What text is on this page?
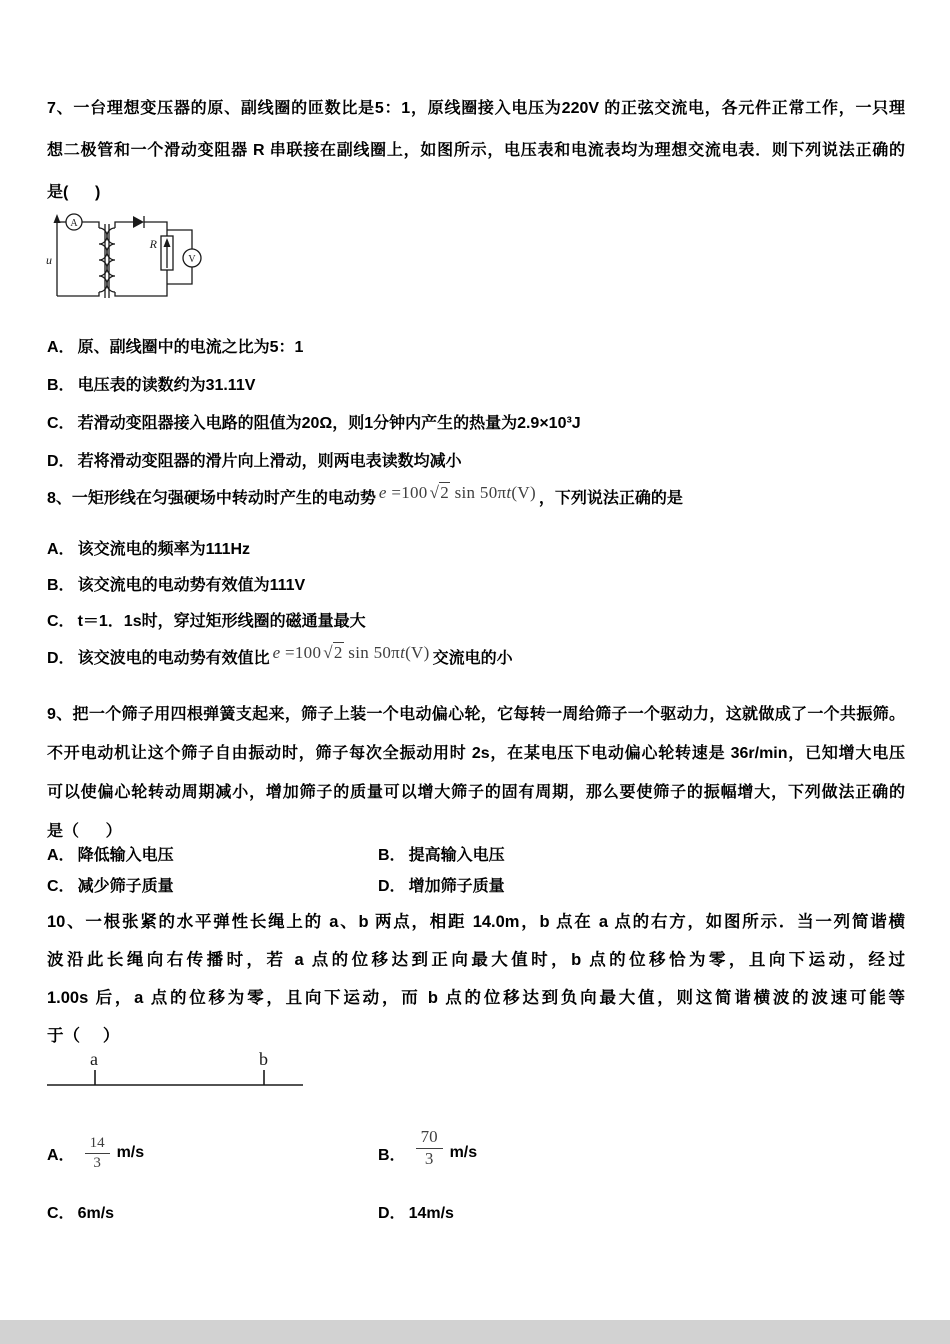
7、一台理想变压器的原、副线圈的匝数比是5：1，原线圈接入电压为220V 的正弦交流电，各元件正常工作，一只理
想二极管和一个滑动变阻器 R 串联接在副线圈上，如图所示，电压表和电流表均为理想交流电表．则下列说法正确的
是(      )
A
V
R
u
A． 原、副线圈中的电流之比为5：1
B． 电压表的读数约为31.11V
C． 若滑动变阻器接入电路的阻值为20Ω，则1分钟内产生的热量为2.9×10³J
D． 若将滑动变阻器的滑片向上滑动，则两电表读数均减小
8、一矩形线在匀强硬场中转动时产生的电动势 e =100 √2 sin 50πt(V) ，下列说法正确的是
A． 该交流电的频率为111Hz
B． 该交流电的电动势有效值为111V
C． t＝1．1s时，穿过矩形线圈的磁通量最大
D． 该交波电的电动势有效值比 e =100 √2 sin 50πt(V) 交流电的小
9、把一个筛子用四根弹簧支起来，筛子上装一个电动偏心轮，它每转一周给筛子一个驱动力，这就做成了一个共振筛。
不开电动机让这个筛子自由振动时，筛子每次全振动用时 2s，在某电压下电动偏心轮转速是 36r/min，已知增大电压
可以使偏心轮转动周期减小，增加筛子的质量可以增大筛子的固有周期，那么要使筛子的振幅增大，下列做法正确的
是（      ）
A． 降低输入电压	B． 提高输入电压
C． 减少筛子质量	D． 增加筛子质量
10、一根张紧的水平弹性长绳上的 a、b 两点，相距 14.0m，b 点在 a 点的右方，如图所示．当一列简谐横
波沿此长绳向右传播时，若 a 点的位移达到正向最大值时，b 点的位移恰为零，且向下运动，经过
1.00s 后，a 点的位移为零，且向下运动，而 b 点的位移达到负向最大值，则这简谐横波的波速可能等
于（     ）
a	b
A． $\frac{14}{3} m/s$	B． $\frac{70}{3} m/s$
C． 6m/s	D． 14m/s
